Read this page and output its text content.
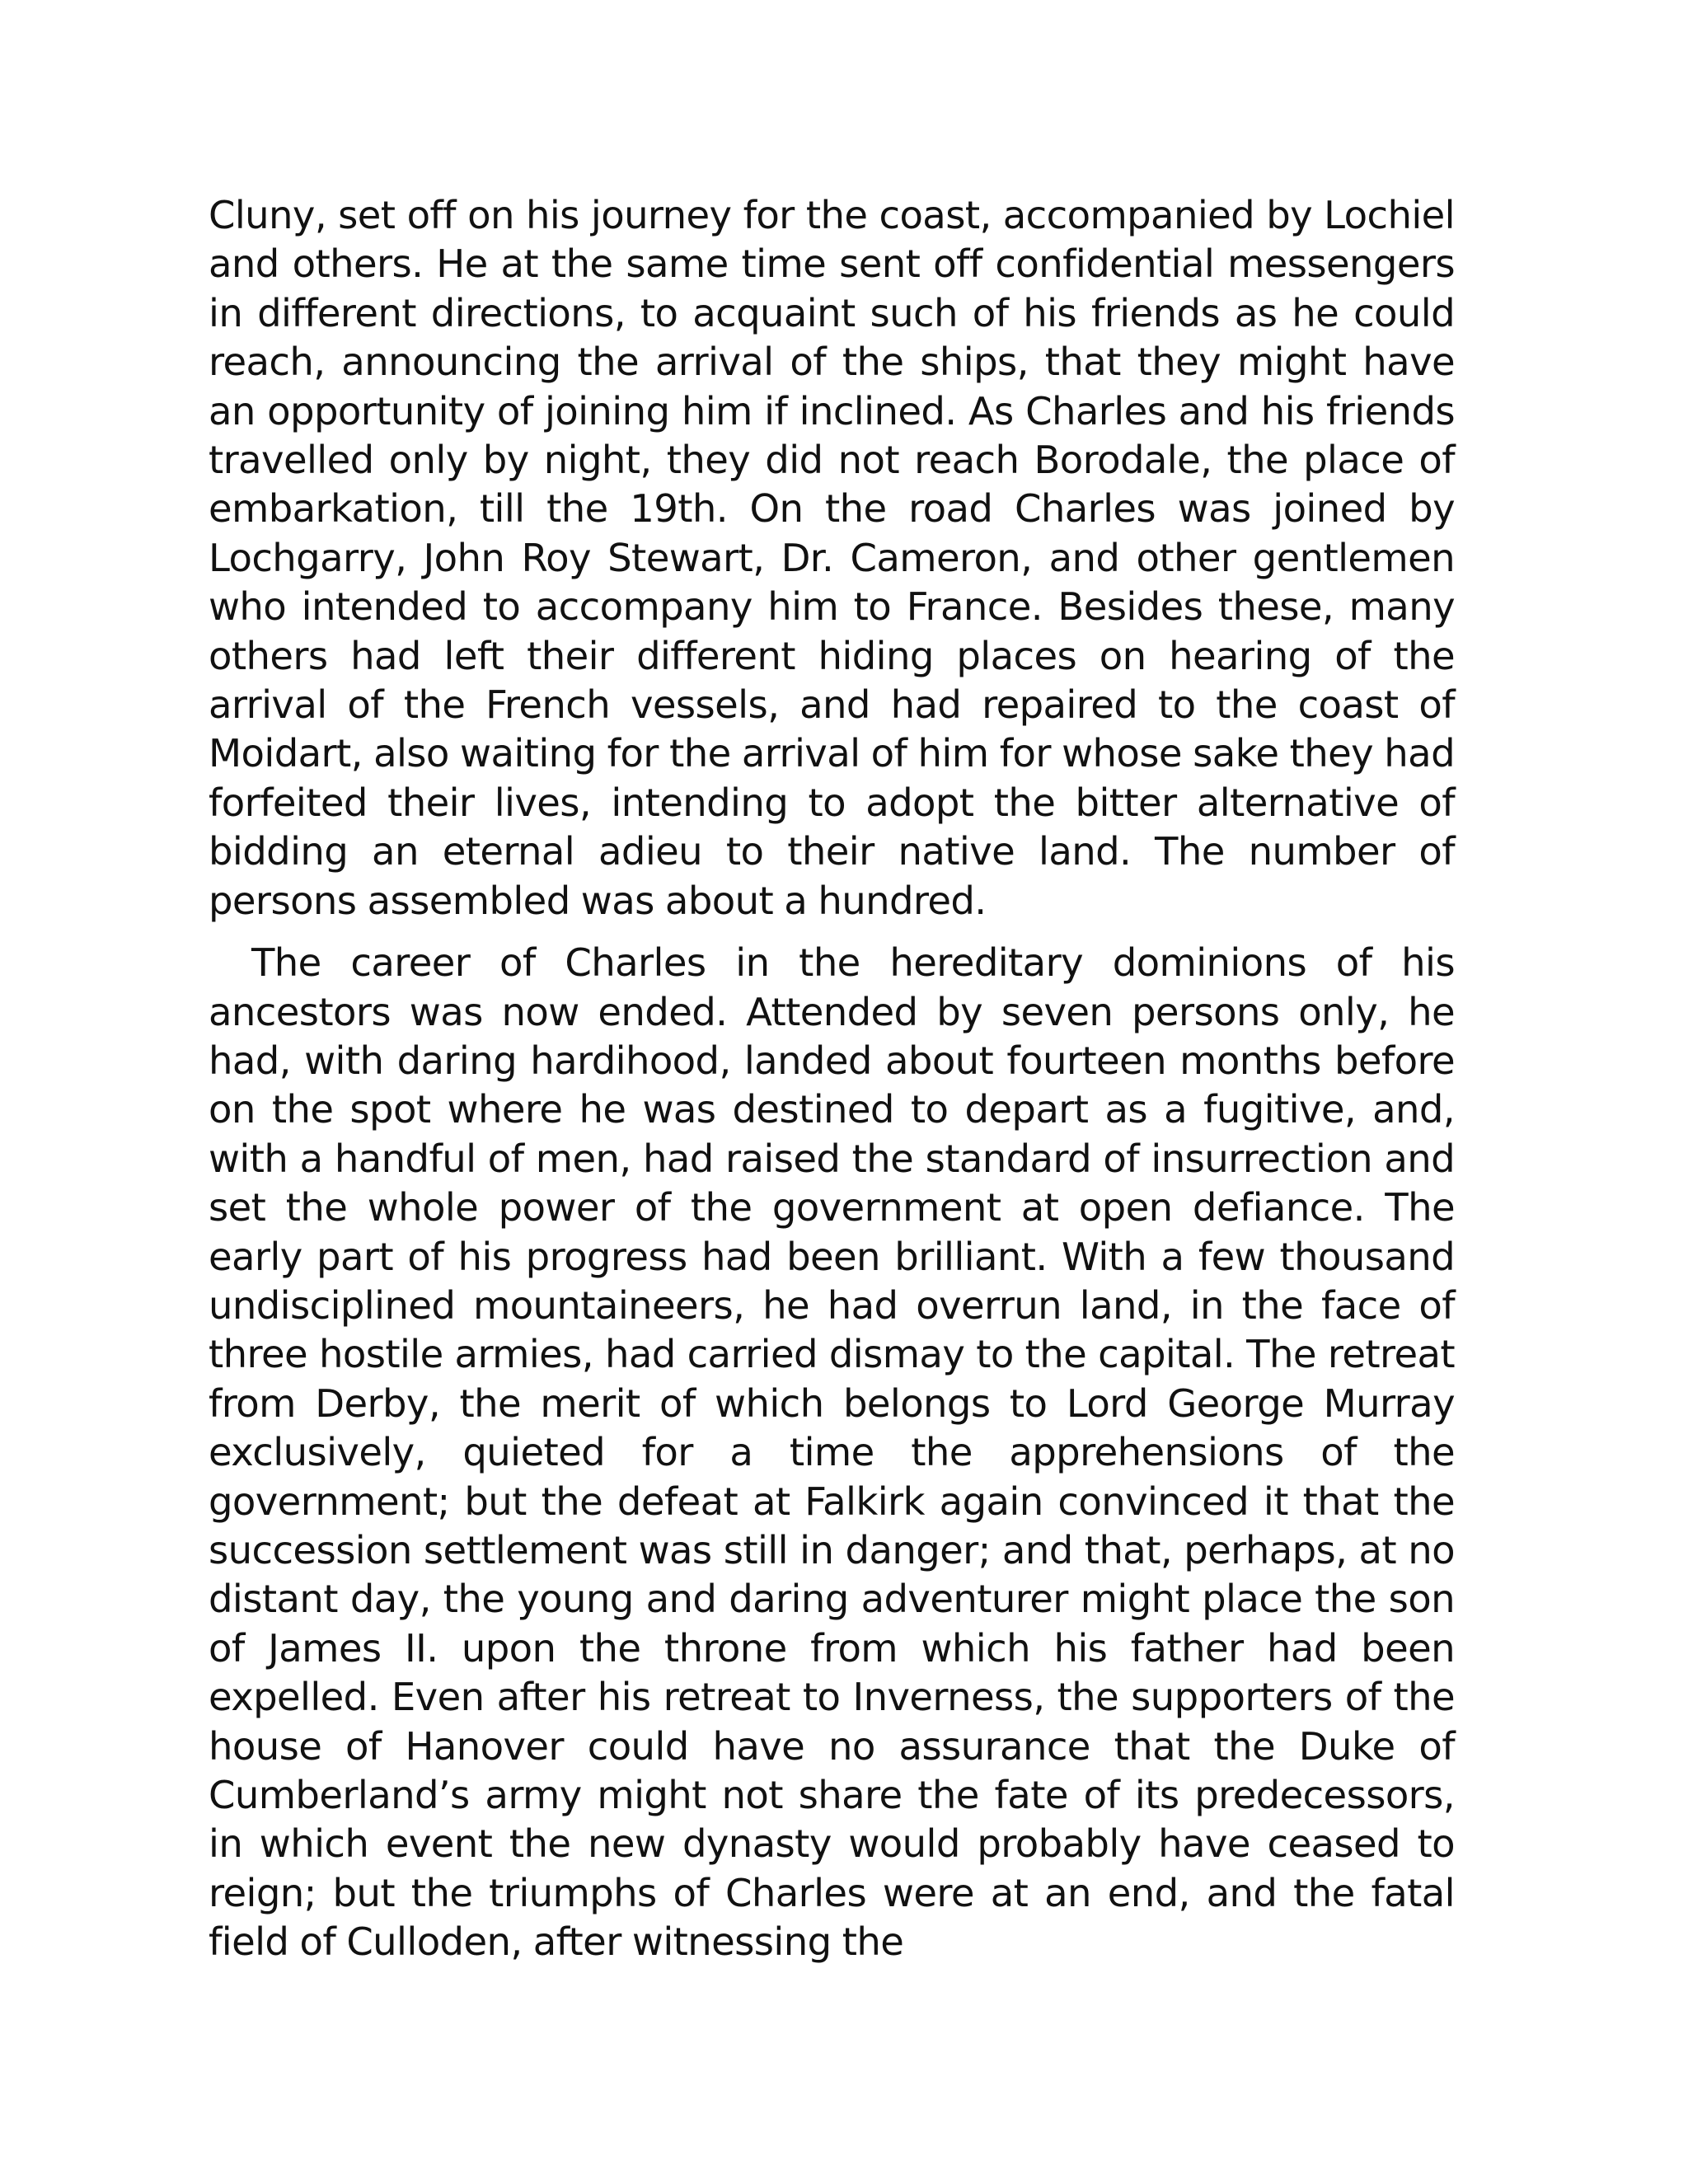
Cluny, set off on his journey for the coast, accompanied by Lochiel and others. He at the same time sent off confidential messengers in different directions, to acquaint such of his friends as he could reach, announcing the arrival of the ships, that they might have an opportunity of joining him if inclined. As Charles and his friends travelled only by night, they did not reach Borodale, the place of embarkation, till the 19th. On the road Charles was joined by Lochgarry, John Roy Stewart, Dr. Cameron, and other gentlemen who intended to accompany him to France. Besides these, many others had left their different hiding places on hearing of the arrival of the French vessels, and had repaired to the coast of Moidart, also waiting for the arrival of him for whose sake they had forfeited their lives, intending to adopt the bitter alternative of bidding an eternal adieu to their native land. The number of persons assembled was about a hundred.

The career of Charles in the hereditary dominions of his ancestors was now ended. Attended by seven persons only, he had, with daring hardihood, landed about fourteen months before on the spot where he was destined to depart as a fugitive, and, with a handful of men, had raised the standard of insurrection and set the whole power of the government at open defiance. The early part of his progress had been brilliant. With a few thousand undisciplined mountaineers, he had overrun land, in the face of three hostile armies, had carried dismay to the capital. The retreat from Derby, the merit of which belongs to Lord George Murray exclusively, quieted for a time the apprehensions of the government; but the defeat at Falkirk again convinced it that the succession settlement was still in danger; and that, perhaps, at no distant day, the young and daring adventurer might place the son of James II. upon the throne from which his father had been expelled. Even after his retreat to Inverness, the supporters of the house of Hanover could have no assurance that the Duke of Cumberland’s army might not share the fate of its predecessors, in which event the new dynasty would probably have ceased to reign; but the triumphs of Charles were at an end, and the fatal field of Culloden, after witnessing the
